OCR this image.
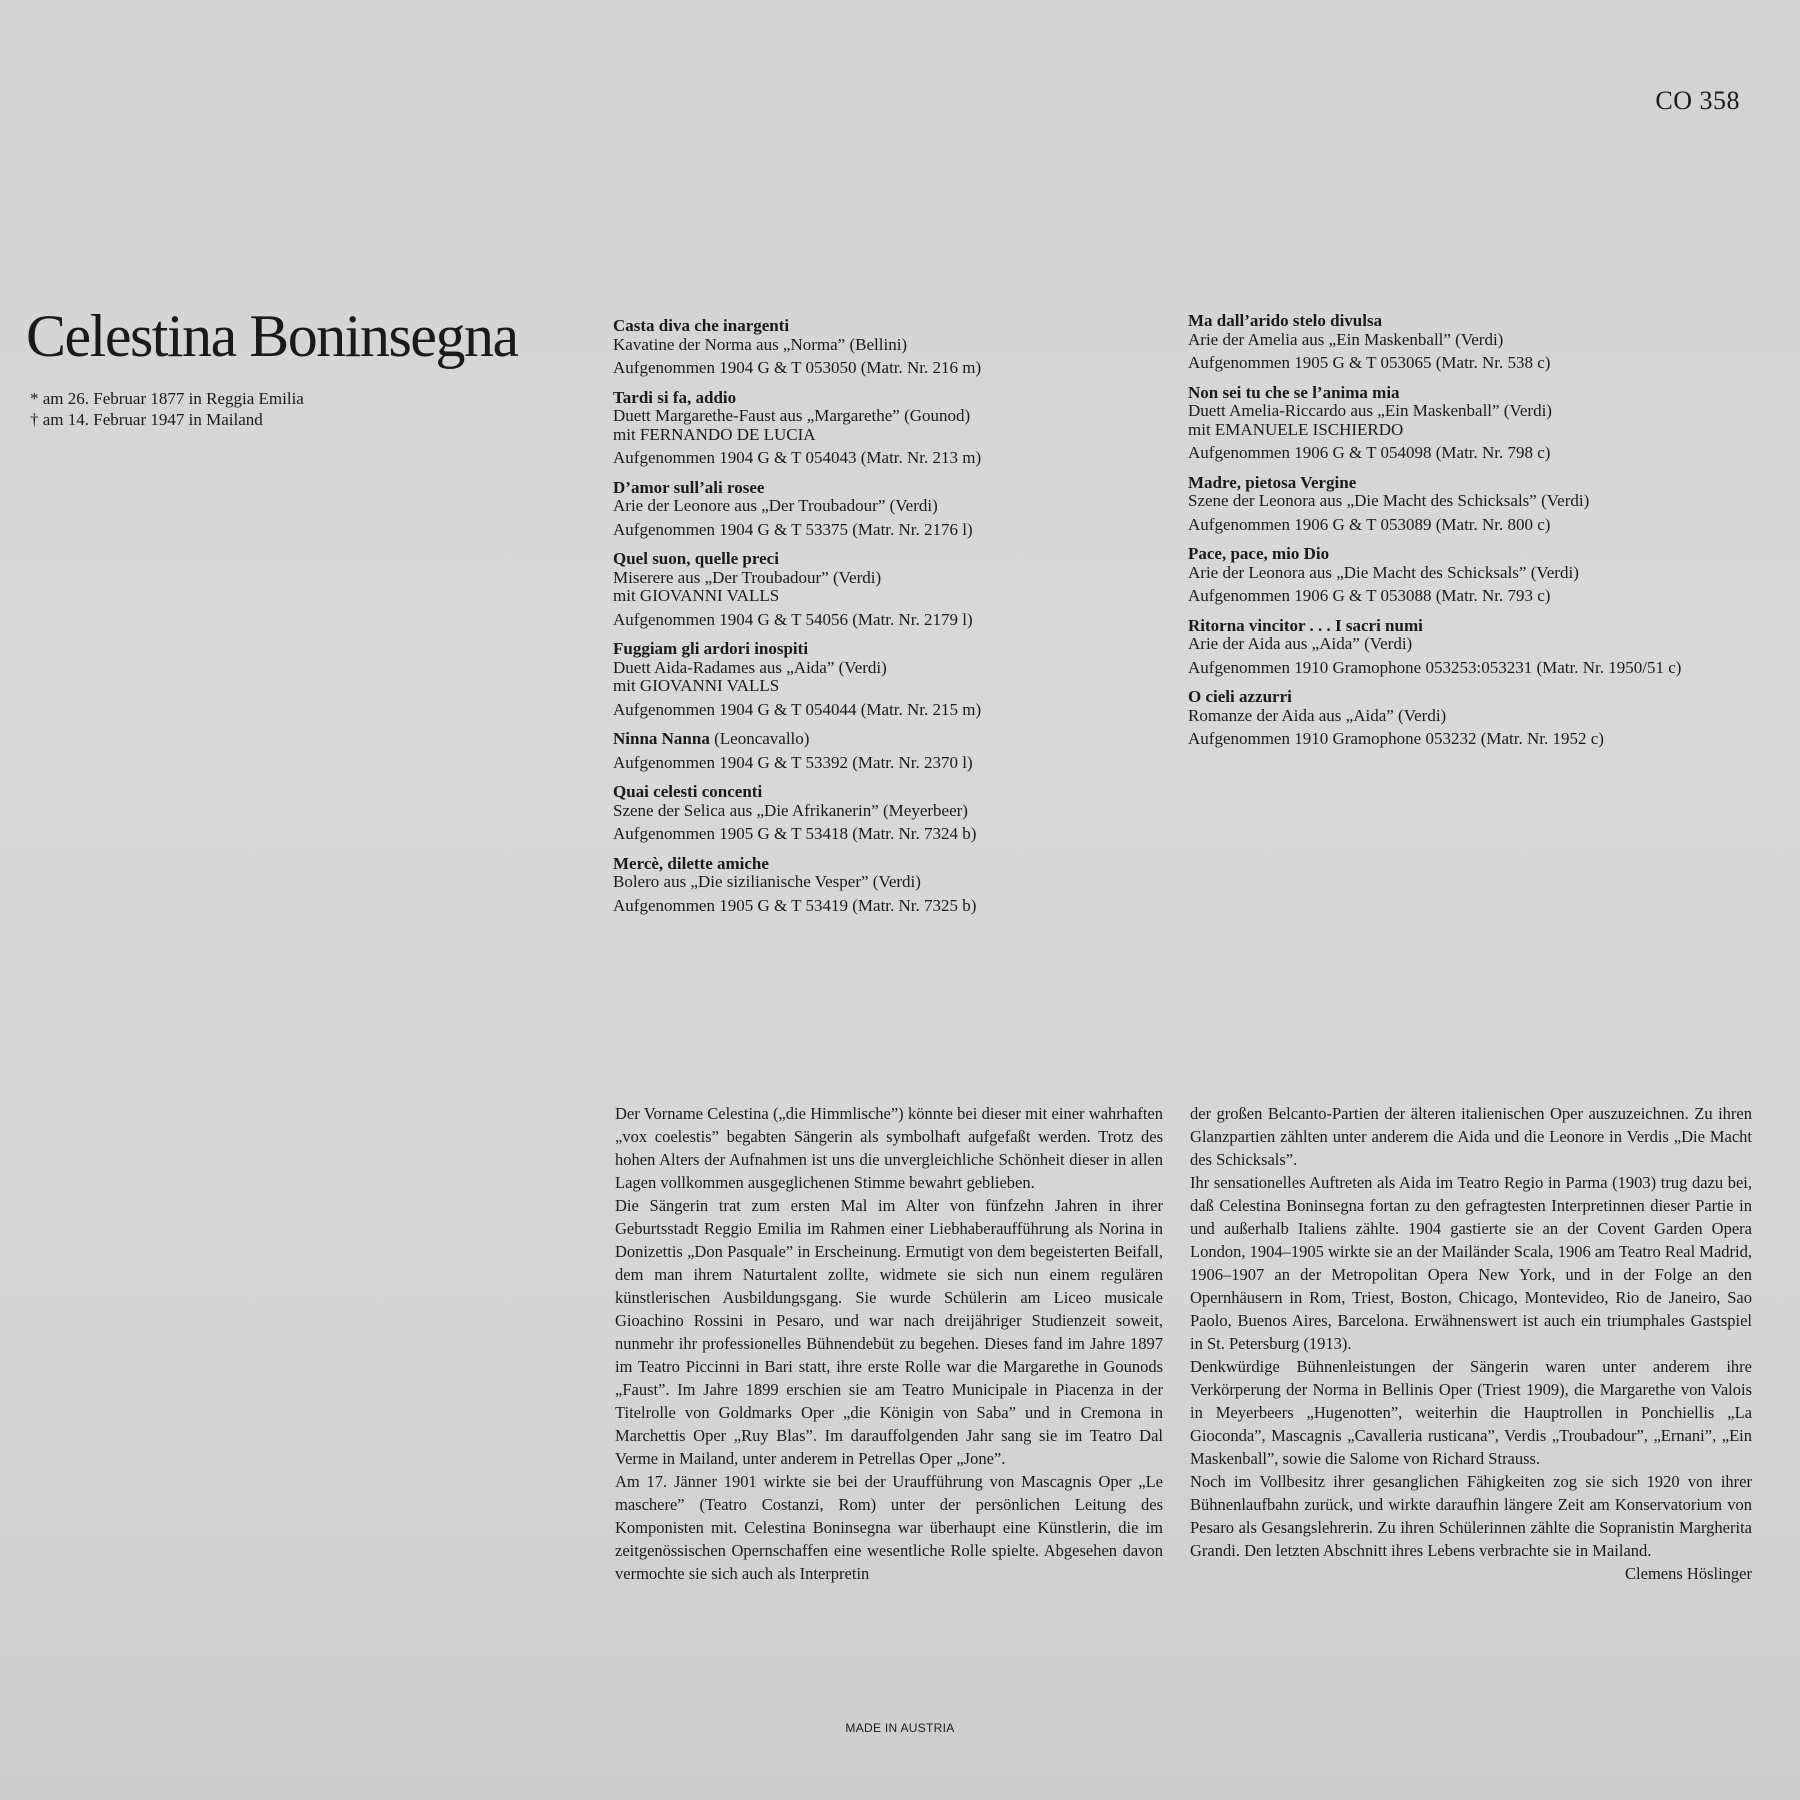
CO 358
Celestina Boninsegna
* am 26. Februar 1877 in Reggia Emilia
† am 14. Februar 1947 in Mailand
Casta diva che inargenti
Kavatine der Norma aus „Norma” (Bellini)
Aufgenommen 1904 G & T 053050 (Matr. Nr. 216 m)
Tardi si fa, addio
Duett Margarethe-Faust aus „Margarethe” (Gounod)
mit FERNANDO DE LUCIA
Aufgenommen 1904 G & T 054043 (Matr. Nr. 213 m)
D’amor sull’ali rosee
Arie der Leonore aus „Der Troubadour” (Verdi)
Aufgenommen 1904 G & T 53375 (Matr. Nr. 2176 l)
Quel suon, quelle preci
Miserere aus „Der Troubadour” (Verdi)
mit GIOVANNI VALLS
Aufgenommen 1904 G & T 54056 (Matr. Nr. 2179 l)
Fuggiam gli ardori inospiti
Duett Aida-Radames aus „Aida” (Verdi)
mit GIOVANNI VALLS
Aufgenommen 1904 G & T 054044 (Matr. Nr. 215 m)
Ninna Nanna (Leoncavallo)
Aufgenommen 1904 G & T 53392 (Matr. Nr. 2370 l)
Quai celesti concenti
Szene der Selica aus „Die Afrikanerin” (Meyerbeer)
Aufgenommen 1905 G & T 53418 (Matr. Nr. 7324 b)
Mercè, dilette amiche
Bolero aus „Die sizilianische Vesper” (Verdi)
Aufgenommen 1905 G & T 53419 (Matr. Nr. 7325 b)
Ma dall’arido stelo divulsa
Arie der Amelia aus „Ein Maskenball” (Verdi)
Aufgenommen 1905 G & T 053065 (Matr. Nr. 538 c)
Non sei tu che se l’anima mia
Duett Amelia-Riccardo aus „Ein Maskenball” (Verdi)
mit EMANUELE ISCHIERDO
Aufgenommen 1906 G & T 054098 (Matr. Nr. 798 c)
Madre, pietosa Vergine
Szene der Leonora aus „Die Macht des Schicksals” (Verdi)
Aufgenommen 1906 G & T 053089 (Matr. Nr. 800 c)
Pace, pace, mio Dio
Arie der Leonora aus „Die Macht des Schicksals” (Verdi)
Aufgenommen 1906 G & T 053088 (Matr. Nr. 793 c)
Ritorna vincitor . . . I sacri numi
Arie der Aida aus „Aida” (Verdi)
Aufgenommen 1910 Gramophone 053253:053231 (Matr. Nr. 1950/51 c)
O cieli azzurri
Romanze der Aida aus „Aida” (Verdi)
Aufgenommen 1910 Gramophone 053232 (Matr. Nr. 1952 c)

Der Vorname Celestina („die Himmlische”) könnte bei dieser mit einer wahrhaften „vox coelestis” begabten Sängerin als symbolhaft aufgefaßt werden. Trotz des hohen Alters der Aufnahmen ist uns die unvergleichliche Schönheit dieser in allen Lagen vollkommen ausgeglichenen Stimme bewahrt geblieben.

Die Sängerin trat zum ersten Mal im Alter von fünfzehn Jahren in ihrer Geburtsstadt Reggio Emilia im Rahmen einer Liebhaberaufführung als Norina in Donizettis „Don Pasquale” in Erscheinung. Ermutigt von dem begeisterten Beifall, dem man ihrem Naturtalent zollte, widmete sie sich nun einem regulären künstlerischen Ausbildungsgang. Sie wurde Schülerin am Liceo musicale Gioachino Rossini in Pesaro, und war nach dreijähriger Studienzeit soweit, nunmehr ihr professionelles Bühnendebüt zu begehen. Dieses fand im Jahre 1897 im Teatro Piccinni in Bari statt, ihre erste Rolle war die Margarethe in Gounods „Faust”. Im Jahre 1899 erschien sie am Teatro Municipale in Piacenza in der Titelrolle von Goldmarks Oper „die Königin von Saba” und in Cremona in Marchettis Oper „Ruy Blas”. Im darauffolgenden Jahr sang sie im Teatro Dal Verme in Mailand, unter anderem in Petrellas Oper „Jone”.

Am 17. Jänner 1901 wirkte sie bei der Uraufführung von Mascagnis Oper „Le maschere” (Teatro Costanzi, Rom) unter der persönlichen Leitung des Komponisten mit. Celestina Boninsegna war überhaupt eine Künstlerin, die im zeitgenössischen Opernschaffen eine wesentliche Rolle spielte. Abgesehen davon vermochte sie sich auch als Interpretin

der großen Belcanto-Partien der älteren italienischen Oper auszuzeichnen. Zu ihren Glanzpartien zählten unter anderem die Aida und die Leonore in Verdis „Die Macht des Schicksals”.

Ihr sensationelles Auftreten als Aida im Teatro Regio in Parma (1903) trug dazu bei, daß Celestina Boninsegna fortan zu den gefragtesten Interpretinnen dieser Partie in und außerhalb Italiens zählte. 1904 gastierte sie an der Covent Garden Opera London, 1904–1905 wirkte sie an der Mailänder Scala, 1906 am Teatro Real Madrid, 1906–1907 an der Metropolitan Opera New York, und in der Folge an den Opernhäusern in Rom, Triest, Boston, Chicago, Montevideo, Rio de Janeiro, Sao Paolo, Buenos Aires, Barcelona. Erwähnenswert ist auch ein triumphales Gastspiel in St. Petersburg (1913).

Denkwürdige Bühnenleistungen der Sängerin waren unter anderem ihre Verkörperung der Norma in Bellinis Oper (Triest 1909), die Margarethe von Valois in Meyerbeers „Hugenotten”, weiterhin die Hauptrollen in Ponchiellis „La Gioconda”, Mascagnis „Cavalleria rusticana”, Verdis „Troubadour”, „Ernani”, „Ein Maskenball”, sowie die Salome von Richard Strauss.

Noch im Vollbesitz ihrer gesanglichen Fähigkeiten zog sie sich 1920 von ihrer Bühnenlaufbahn zurück, und wirkte daraufhin längere Zeit am Konservatorium von Pesaro als Gesangslehrerin. Zu ihren Schülerinnen zählte die Sopranistin Margherita Grandi. Den letzten Abschnitt ihres Lebens verbrachte sie in Mailand.

Clemens Höslinger
MADE IN AUSTRIA
